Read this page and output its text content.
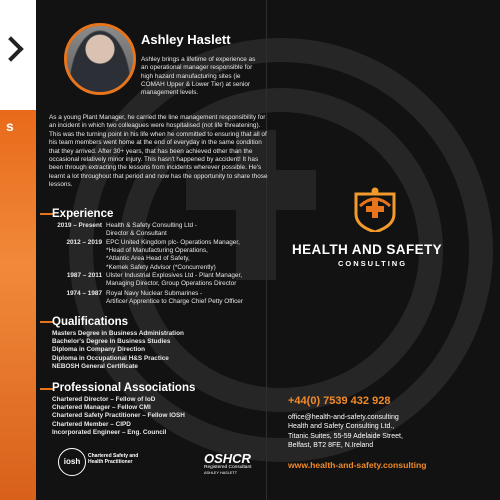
s
Ashley Haslett
Ashley brings a lifetime of experience as an operational manager responsible for high hazard manufacturing sites (ie COMAH Upper & Lower Tier) at senior management levels.
As a young Plant Manager, he carried the line management responsibility for an incident in which two colleagues were hospitalised (not life threatening). This was the turning point in his life when he committed to ensuring that all of his team members went home at the end of everyday in the same condition that they arrived. After 30+ years, that has been achieved other than the occasional relatively minor injury. This hasn't happened by accident! It has been through extracting the lessons from incidents wherever possible. He's learnt a lot throughout that period and now has the opportunity to share those lessons.
Experience
2019 – Present Health & Safety Consulting Ltd -
Director & Consultant
2012 – 2019 EPC United Kingdom plc- Operations Manager,
*Head of Manufacturing Operations,
*Atlantic Area Head of Safety,
*Kemek Safety Advisor (*Concurrently)
1987 – 2011 Ulster Industrial Explosives Ltd - Plant Manager,
Managing Director, Group Operations Director
1974 – 1987 Royal Navy Nuclear Submarines -
Artificer Apprentice to Charge Chief Petty Officer
Qualifications
Masters Degree in Business Administration
Bachelor's Degree in Business Studies
Diploma in Company Direction
Diploma in Occupational H&S Practice
NEBOSH General Certificate
Professional Associations
Chartered Director – Fellow of IoD
Chartered Manager – Fellow CMI
Chartered Safety Practitioner – Fellow IOSH
Chartered Member – CIPD
Incorporated Engineer – Eng. Council
iosh
Chartered Safety and
Health Practitioner	OSHCR
Registered Consultant
ASHLEY HASLETT
HEALTH AND SAFETY
CONSULTING
+44(0) 7539 432 928
office@health-and-safety.consulting
Health and Safety Consulting Ltd.,
Titanic Suites, 55-59 Adelaide Street,
Belfast, BT2 8FE, N.Ireland
www.health-and-safety.consulting
